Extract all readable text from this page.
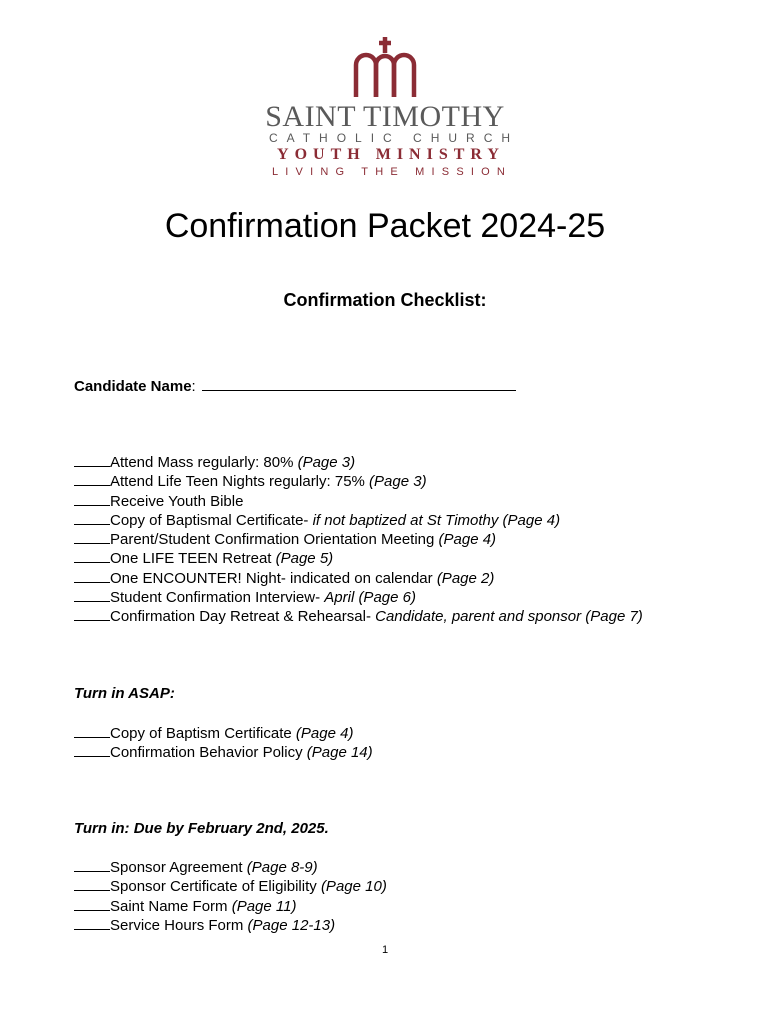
SAINT TIMOTHY
CATHOLIC CHURCH
YOUTH MINISTRY
LIVING THE MISSION
Confirmation Packet 2024-25
Confirmation Checklist:
Candidate Name:
Attend Mass regularly: 80% (Page 3)
Attend Life Teen Nights regularly: 75% (Page 3)
Receive Youth Bible
Copy of Baptismal Certificate- if not baptized at St Timothy (Page 4)
Parent/Student Confirmation Orientation Meeting (Page 4)
One LIFE TEEN Retreat (Page 5)
One ENCOUNTER! Night- indicated on calendar (Page 2)
Student Confirmation Interview- April (Page 6)
Confirmation Day Retreat & Rehearsal- Candidate, parent and sponsor (Page 7)
Turn in ASAP:
Copy of Baptism Certificate (Page 4)
Confirmation Behavior Policy (Page 14)
Turn in: Due by February 2nd, 2025.
Sponsor Agreement (Page 8-9)
Sponsor Certificate of Eligibility (Page 10)
Saint Name Form (Page 11)
Service Hours Form (Page 12-13)
1
